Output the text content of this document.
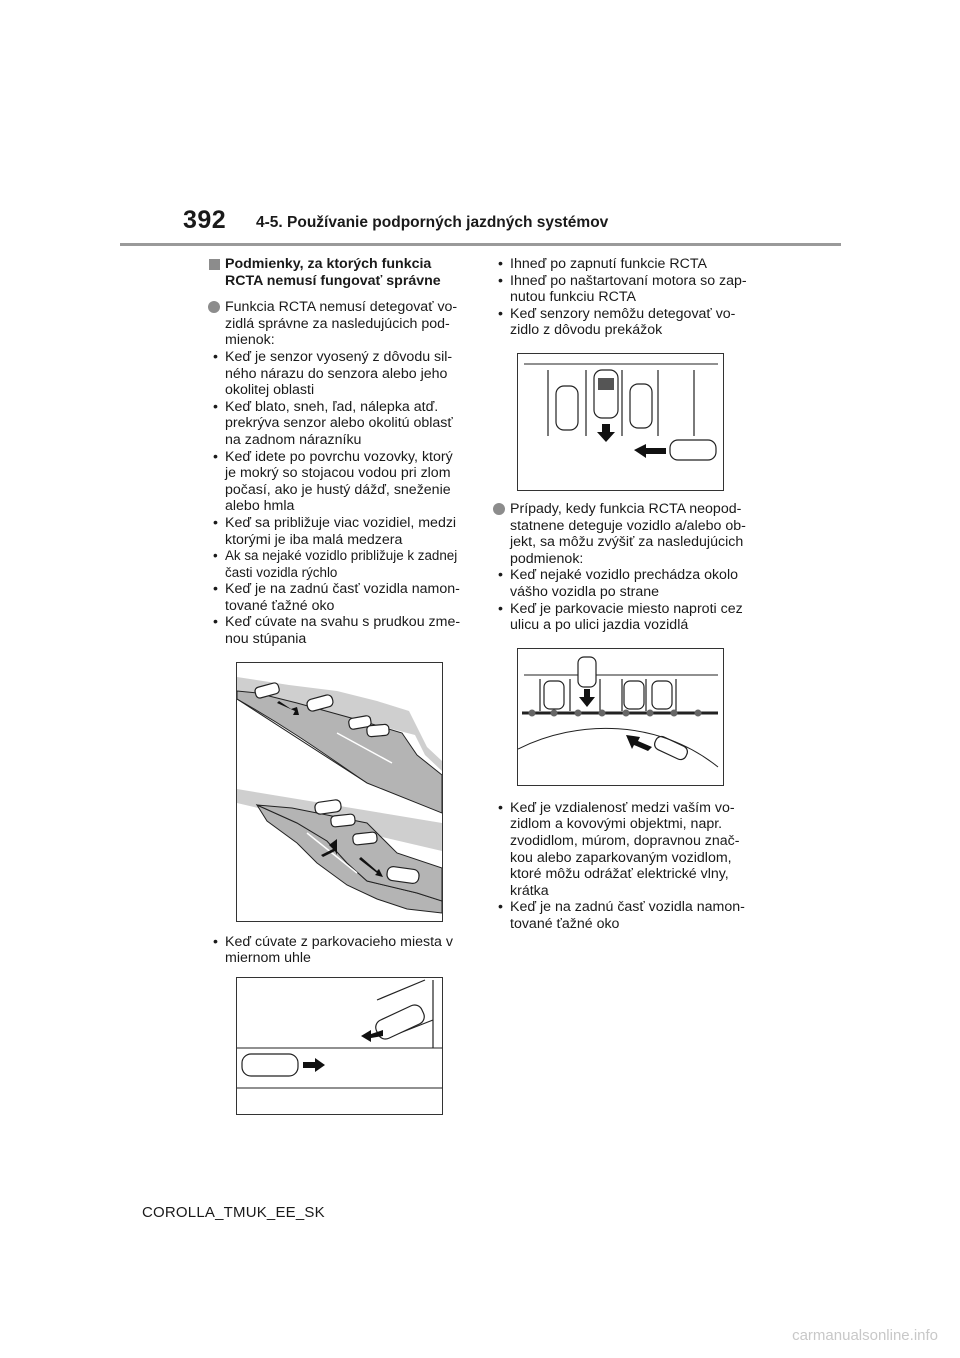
392 4-5. Používanie podporných jazdných systémov
Podmienky, za ktorých funkcia RCTA nemusí fungovať správne
Funkcia RCTA nemusí detegovať vo- zidlá správne za nasledujúcich pod- mienok:
• Keď je senzor vyosený z dôvodu sil- ného nárazu do senzora alebo jeho okolitej oblasti
• Keď blato, sneh, ľad, nálepka atď. prekrýva senzor alebo okolitú oblasť na zadnom nárazníku
• Keď idete po povrchu vozovky, ktorý je mokrý so stojacou vodou pri zlom počasí, ako je hustý dážď, sneženie alebo hmla
• Keď sa približuje viac vozidiel, medzi ktorými je iba malá medzera
• Ak sa nejaké vozidlo približuje k zadnej časti vozidla rýchlo
• Keď je na zadnú časť vozidla namon- tované ťažné oko
• Keď cúvate na svahu s prudkou zme- nou stúpania
• Keď cúvate z parkovacieho miesta v miernom uhle
• Ihneď po zapnutí funkcie RCTA
• Ihneď po naštartovaní motora so zap- nutou funkciu RCTA
• Keď senzory nemôžu detegovať vo- zidlo z dôvodu prekážok
Prípady, kedy funkcia RCTA neopod- statnene deteguje vozidlo a/alebo ob- jekt, sa môžu zvýšiť za nasledujúcich podmienok:
• Keď nejaké vozidlo prechádza okolo vášho vozidla po strane
• Keď je parkovacie miesto naproti cez ulicu a po ulici jazdia vozidlá
• Keď je vzdialenosť medzi vaším vo- zidlom a kovovými objektmi, napr. zvodidlom, múrom, dopravnou znač- kou alebo zaparkovaným vozidlom, ktoré môžu odrážať elektrické vlny, krátka
• Keď je na zadnú časť vozidla namon- tované ťažné oko
COROLLA_TMUK_EE_SK
carmanualsonline.info
